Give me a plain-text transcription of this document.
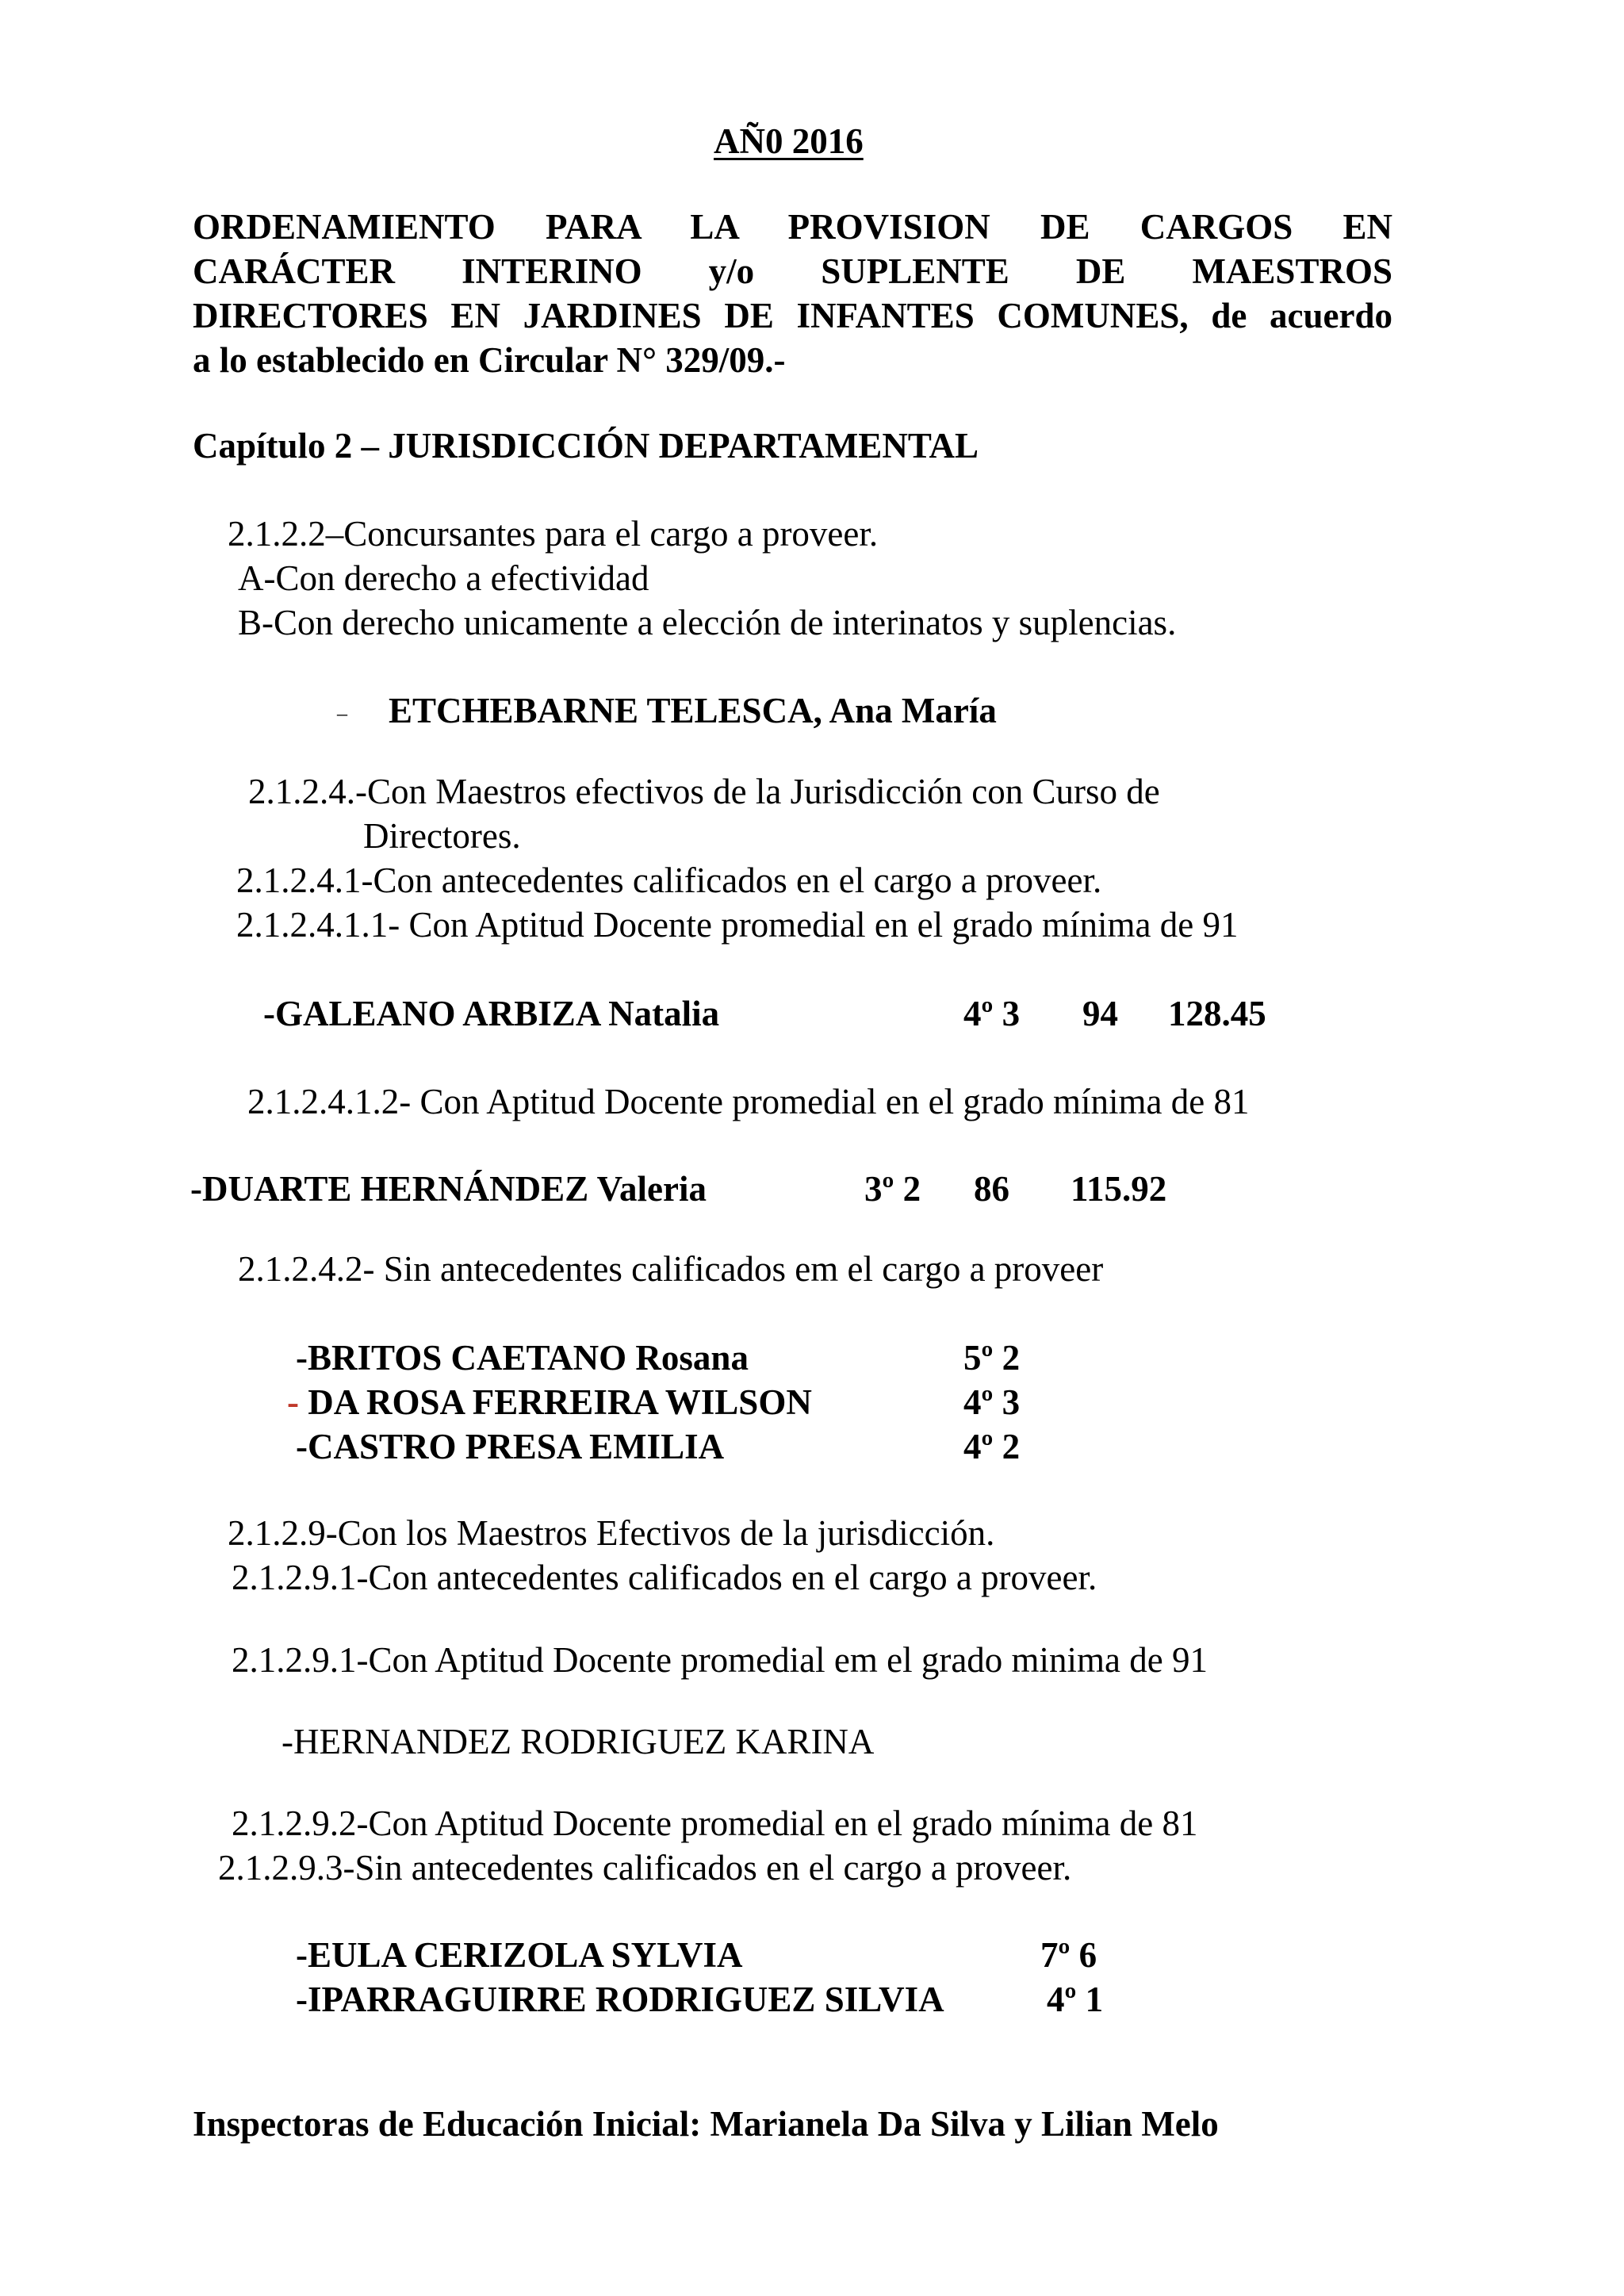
AÑ0 2016
ORDENAMIENTO PARA LA PROVISION DE CARGOS EN
CARÁCTER INTERINO y/o SUPLENTE DE MAESTROS
DIRECTORES EN JARDINES DE INFANTES COMUNES, de acuerdo
a lo establecido en Circular N° 329/09.-
Capítulo 2 – JURISDICCIÓN DEPARTAMENTAL
2.1.2.2–Concursantes para el cargo a proveer.
A-Con derecho a efectividad
B-Con derecho unicamente a elección de interinatos y suplencias.
– ETCHEBARNE TELESCA, Ana María
2.1.2.4.-Con Maestros efectivos de la Jurisdicción con Curso de
Directores.
2.1.2.4.1-Con antecedentes calificados en el cargo a proveer.
2.1.2.4.1.1- Con Aptitud Docente promedial en el grado mínima de 91
-GALEANO ARBIZA Natalia	4º 3 94 128.45
2.1.2.4.1.2- Con Aptitud Docente promedial en el grado mínima de 81
-DUARTE HERNÁNDEZ Valeria	3º 2 86 115.92
2.1.2.4.2- Sin antecedentes calificados em el cargo a proveer
-BRITOS CAETANO Rosana	5º 2
- DA ROSA FERREIRA WILSON	4º 3
-CASTRO PRESA EMILIA	4º 2
2.1.2.9-Con los Maestros Efectivos de la jurisdicción.
2.1.2.9.1-Con antecedentes calificados en el cargo a proveer.
2.1.2.9.1-Con Aptitud Docente promedial em el grado minima de 91
-HERNANDEZ RODRIGUEZ KARINA
2.1.2.9.2-Con Aptitud Docente promedial en el grado mínima de 81
2.1.2.9.3-Sin antecedentes calificados en el cargo a proveer.
-EULA CERIZOLA SYLVIA	7º 6
-IPARRAGUIRRE RODRIGUEZ SILVIA	4º 1
Inspectoras de Educación Inicial: Marianela Da Silva y Lilian Melo
